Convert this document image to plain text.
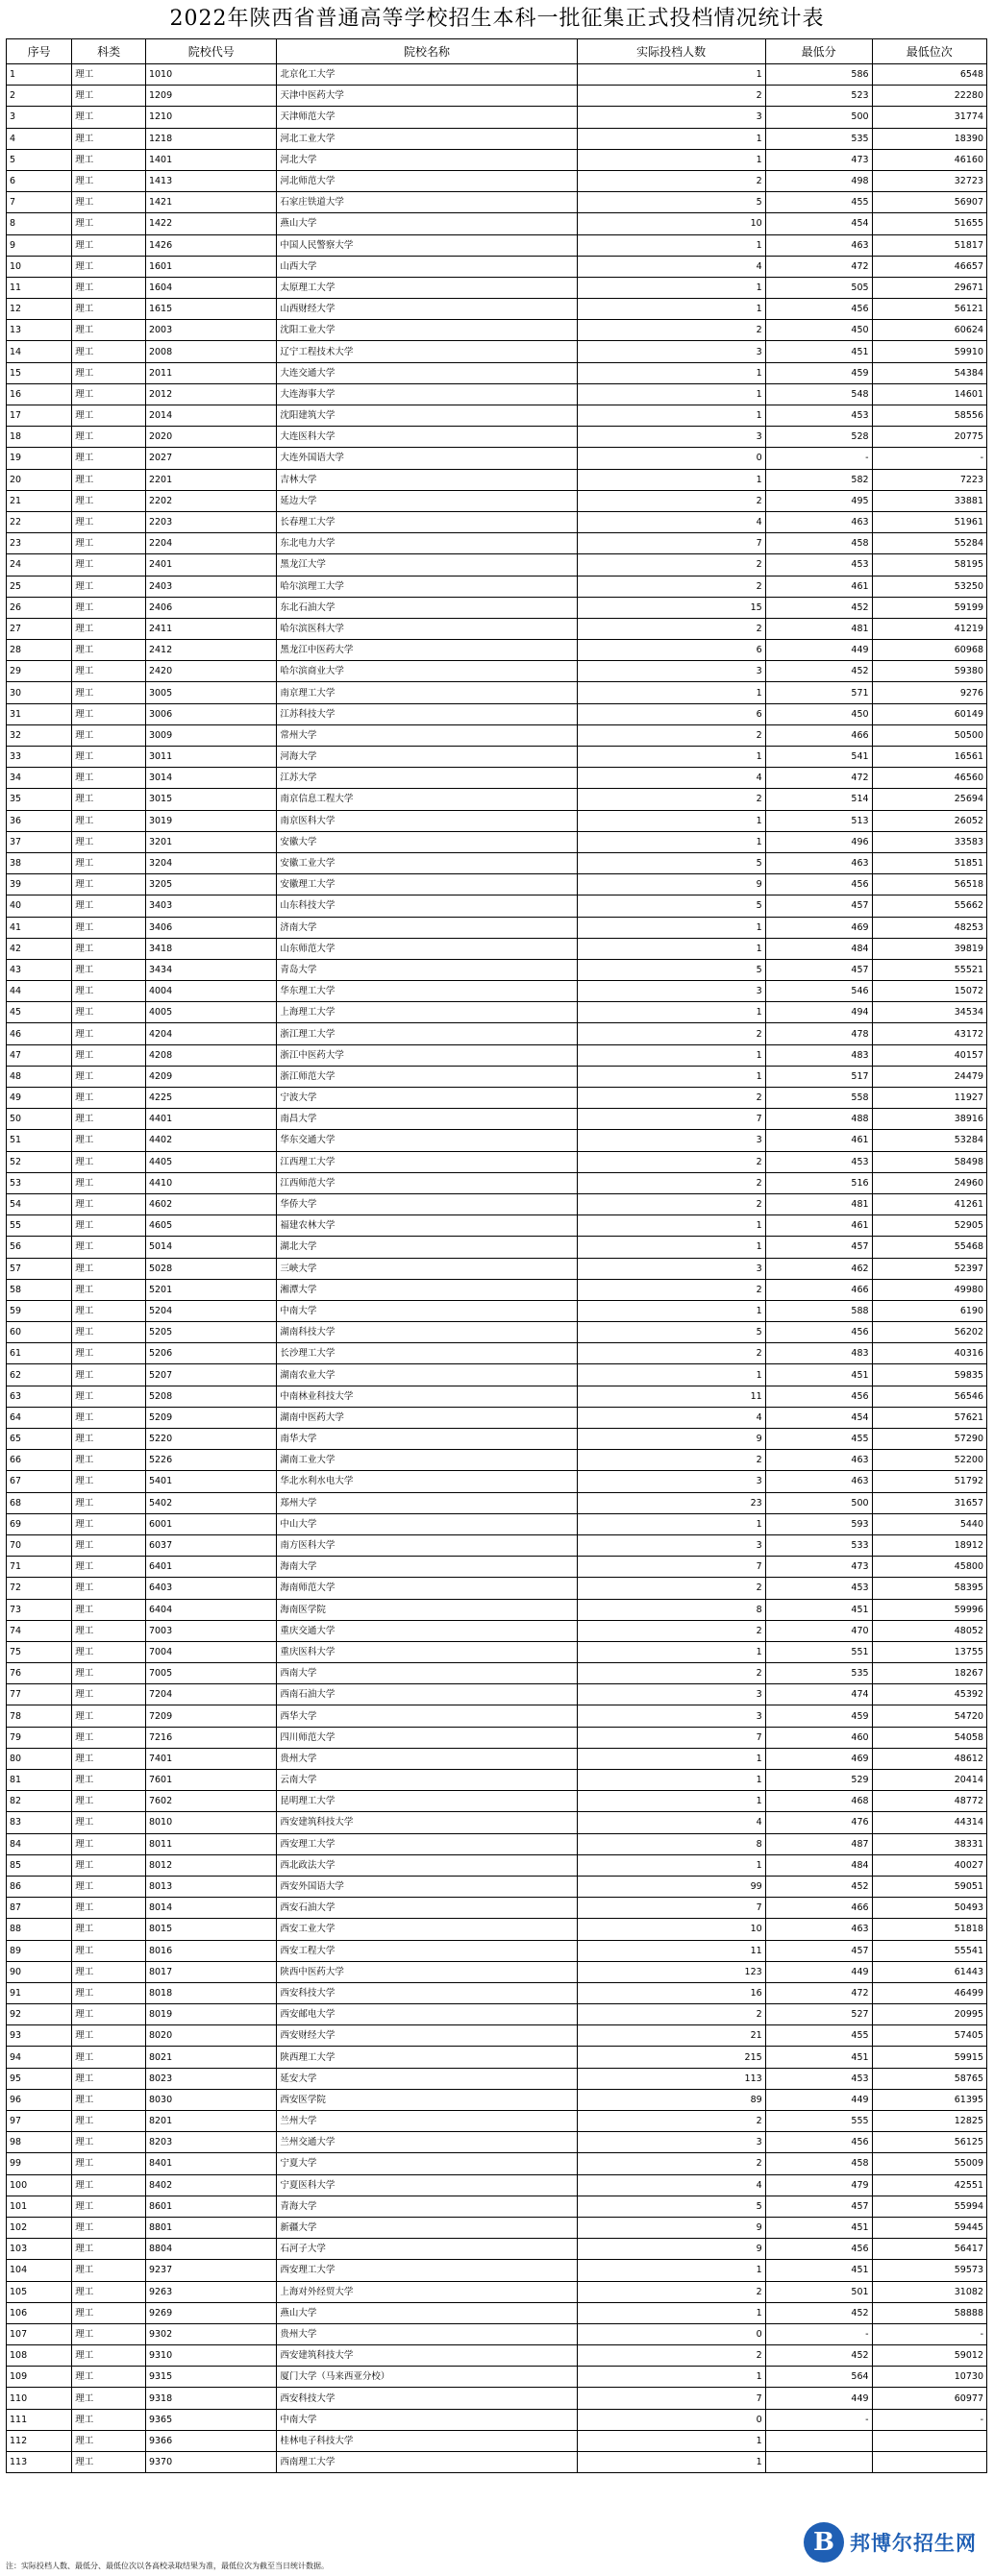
2022年陕西省普通高等学校招生本科一批征集正式投档情况统计表
序号	科类	院校代号	院校名称	实际投档人数	最低分	最低位次
1	理工	1010	北京化工大学	1	586	6548
2	理工	1209	天津中医药大学	2	523	22280
3	理工	1210	天津师范大学	3	500	31774
4	理工	1218	河北工业大学	1	535	18390
5	理工	1401	河北大学	1	473	46160
6	理工	1413	河北师范大学	2	498	32723
7	理工	1421	石家庄铁道大学	5	455	56907
8	理工	1422	燕山大学	10	454	51655
9	理工	1426	中国人民警察大学	1	463	51817
10	理工	1601	山西大学	4	472	46657
11	理工	1604	太原理工大学	1	505	29671
12	理工	1615	山西财经大学	1	456	56121
13	理工	2003	沈阳工业大学	2	450	60624
14	理工	2008	辽宁工程技术大学	3	451	59910
15	理工	2011	大连交通大学	1	459	54384
16	理工	2012	大连海事大学	1	548	14601
17	理工	2014	沈阳建筑大学	1	453	58556
18	理工	2020	大连医科大学	3	528	20775
19	理工	2027	大连外国语大学	0	-	-
20	理工	2201	吉林大学	1	582	7223
21	理工	2202	延边大学	2	495	33881
22	理工	2203	长春理工大学	4	463	51961
23	理工	2204	东北电力大学	7	458	55284
24	理工	2401	黑龙江大学	2	453	58195
25	理工	2403	哈尔滨理工大学	2	461	53250
26	理工	2406	东北石油大学	15	452	59199
27	理工	2411	哈尔滨医科大学	2	481	41219
28	理工	2412	黑龙江中医药大学	6	449	60968
29	理工	2420	哈尔滨商业大学	3	452	59380
30	理工	3005	南京理工大学	1	571	9276
31	理工	3006	江苏科技大学	6	450	60149
32	理工	3009	常州大学	2	466	50500
33	理工	3011	河海大学	1	541	16561
34	理工	3014	江苏大学	4	472	46560
35	理工	3015	南京信息工程大学	2	514	25694
36	理工	3019	南京医科大学	1	513	26052
37	理工	3201	安徽大学	1	496	33583
38	理工	3204	安徽工业大学	5	463	51851
39	理工	3205	安徽理工大学	9	456	56518
40	理工	3403	山东科技大学	5	457	55662
41	理工	3406	济南大学	1	469	48253
42	理工	3418	山东师范大学	1	484	39819
43	理工	3434	青岛大学	5	457	55521
44	理工	4004	华东理工大学	3	546	15072
45	理工	4005	上海理工大学	1	494	34534
46	理工	4204	浙江理工大学	2	478	43172
47	理工	4208	浙江中医药大学	1	483	40157
48	理工	4209	浙江师范大学	1	517	24479
49	理工	4225	宁波大学	2	558	11927
50	理工	4401	南昌大学	7	488	38916
51	理工	4402	华东交通大学	3	461	53284
52	理工	4405	江西理工大学	2	453	58498
53	理工	4410	江西师范大学	2	516	24960
54	理工	4602	华侨大学	2	481	41261
55	理工	4605	福建农林大学	1	461	52905
56	理工	5014	湖北大学	1	457	55468
57	理工	5028	三峡大学	3	462	52397
58	理工	5201	湘潭大学	2	466	49980
59	理工	5204	中南大学	1	588	6190
60	理工	5205	湖南科技大学	5	456	56202
61	理工	5206	长沙理工大学	2	483	40316
62	理工	5207	湖南农业大学	1	451	59835
63	理工	5208	中南林业科技大学	11	456	56546
64	理工	5209	湖南中医药大学	4	454	57621
65	理工	5220	南华大学	9	455	57290
66	理工	5226	湖南工业大学	2	463	52200
67	理工	5401	华北水利水电大学	3	463	51792
68	理工	5402	郑州大学	23	500	31657
69	理工	6001	中山大学	1	593	5440
70	理工	6037	南方医科大学	3	533	18912
71	理工	6401	海南大学	7	473	45800
72	理工	6403	海南师范大学	2	453	58395
73	理工	6404	海南医学院	8	451	59996
74	理工	7003	重庆交通大学	2	470	48052
75	理工	7004	重庆医科大学	1	551	13755
76	理工	7005	西南大学	2	535	18267
77	理工	7204	西南石油大学	3	474	45392
78	理工	7209	西华大学	3	459	54720
79	理工	7216	四川师范大学	7	460	54058
80	理工	7401	贵州大学	1	469	48612
81	理工	7601	云南大学	1	529	20414
82	理工	7602	昆明理工大学	1	468	48772
83	理工	8010	西安建筑科技大学	4	476	44314
84	理工	8011	西安理工大学	8	487	38331
85	理工	8012	西北政法大学	1	484	40027
86	理工	8013	西安外国语大学	99	452	59051
87	理工	8014	西安石油大学	7	466	50493
88	理工	8015	西安工业大学	10	463	51818
89	理工	8016	西安工程大学	11	457	55541
90	理工	8017	陕西中医药大学	123	449	61443
91	理工	8018	西安科技大学	16	472	46499
92	理工	8019	西安邮电大学	2	527	20995
93	理工	8020	西安财经大学	21	455	57405
94	理工	8021	陕西理工大学	215	451	59915
95	理工	8023	延安大学	113	453	58765
96	理工	8030	西安医学院	89	449	61395
97	理工	8201	兰州大学	2	555	12825
98	理工	8203	兰州交通大学	3	456	56125
99	理工	8401	宁夏大学	2	458	55009
100	理工	8402	宁夏医科大学	4	479	42551
101	理工	8601	青海大学	5	457	55994
102	理工	8801	新疆大学	9	451	59445
103	理工	8804	石河子大学	9	456	56417
104	理工	9237	西安理工大学	1	451	59573
105	理工	9263	上海对外经贸大学	2	501	31082
106	理工	9269	燕山大学	1	452	58888
107	理工	9302	贵州大学	0	-	-
108	理工	9310	西安建筑科技大学	2	452	59012
109	理工	9315	厦门大学（马来西亚分校）	1	564	10730
110	理工	9318	西安科技大学	7	449	60977
111	理工	9365	中南大学	0	-	-
112	理工	9366	桂林电子科技大学	1		
113	理工	9370	西南理工大学	1		
注：实际投档人数、最低分、最低位次以各高校录取结果为准，最低位次为截至当日统计数据。
B 邦博尔招生网
